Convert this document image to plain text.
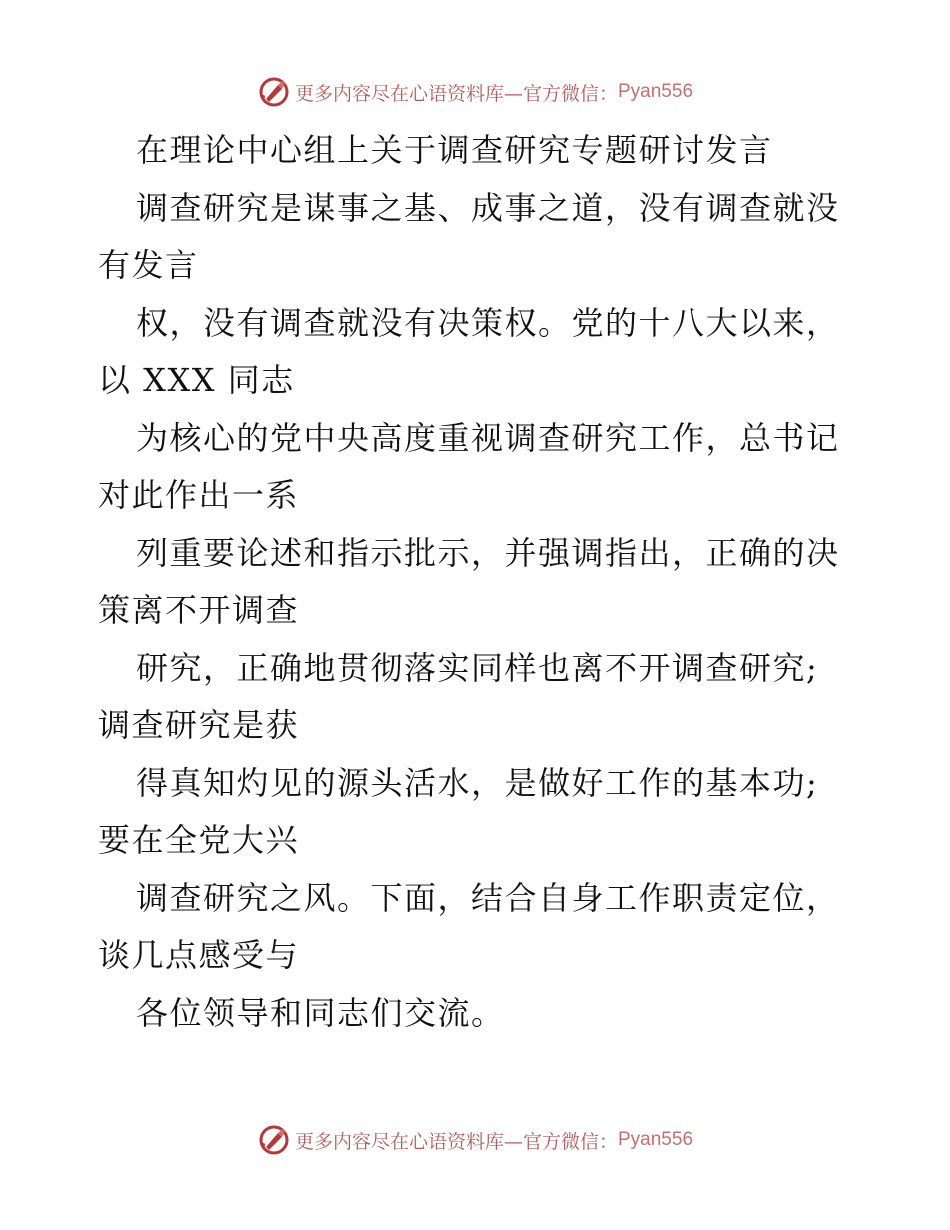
更多内容尽在心语资料库—官方微信： Pyan556
在理论中心组上关于调查研究专题研讨发言
调查研究是谋事之基、成事之道，没有调查就没
有发言
权，没有调查就没有决策权。党的十八大以来，
以 XXX 同志
为核心的党中央高度重视调查研究工作，总书记
对此作出一系
列重要论述和指示批示，并强调指出，正确的决
策离不开调查
研究，正确地贯彻落实同样也离不开调查研究;
调查研究是获
得真知灼见的源头活水，是做好工作的基本功;
要在全党大兴
调查研究之风。下面，结合自身工作职责定位，
谈几点感受与
各位领导和同志们交流。
更多内容尽在心语资料库—官方微信： Pyan556
